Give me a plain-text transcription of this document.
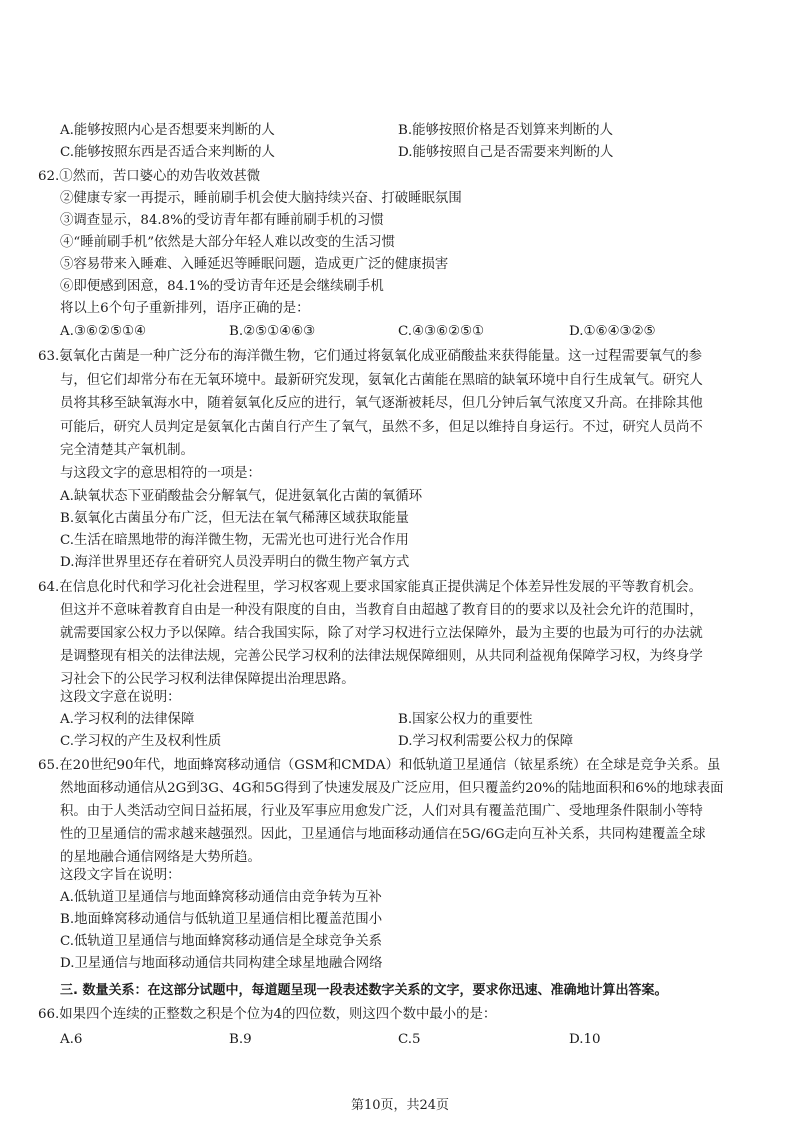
A.能够按照内心是否想要来判断的人	B.能够按照价格是否划算来判断的人
C.能够按照东西是否适合来判断的人	D.能够按照自己是否需要来判断的人
62.①然而，苦口婆心的劝告收效甚微
②健康专家一再提示，睡前刷手机会使大脑持续兴奋、打破睡眠氛围
③调查显示，84.8%的受访青年都有睡前刷手机的习惯
④“睡前刷手机”依然是大部分年轻人难以改变的生活习惯
⑤容易带来入睡难、入睡延迟等睡眠问题，造成更广泛的健康损害
⑥即便感到困意，84.1%的受访青年还是会继续刷手机
将以上6个句子重新排列，语序正确的是：
A.③⑥②⑤①④	B.②⑤①④⑥③	C.④③⑥②⑤①	D.①⑥④③②⑤
63.氨氧化古菌是一种广泛分布的海洋微生物，它们通过将氨氧化成亚硝酸盐来获得能量。这一过程需要氧气的参
与，但它们却常分布在无氧环境中。最新研究发现，氨氧化古菌能在黑暗的缺氧环境中自行生成氧气。研究人
员将其移至缺氧海水中，随着氨氧化反应的进行，氧气逐渐被耗尽，但几分钟后氧气浓度又升高。在排除其他
可能后，研究人员判定是氨氧化古菌自行产生了氧气，虽然不多，但足以维持自身运行。不过，研究人员尚不
完全清楚其产氧机制。
与这段文字的意思相符的一项是：
A.缺氧状态下亚硝酸盐会分解氧气，促进氨氧化古菌的氧循环
B.氨氧化古菌虽分布广泛，但无法在氧气稀薄区域获取能量
C.生活在暗黑地带的海洋微生物，无需光也可进行光合作用
D.海洋世界里还存在着研究人员没弄明白的微生物产氧方式
64.在信息化时代和学习化社会进程里，学习权客观上要求国家能真正提供满足个体差异性发展的平等教育机会。
但这并不意味着教育自由是一种没有限度的自由，当教育自由超越了教育目的的要求以及社会允许的范围时，
就需要国家公权力予以保障。结合我国实际，除了对学习权进行立法保障外，最为主要的也最为可行的办法就
是调整现有相关的法律法规，完善公民学习权利的法律法规保障细则，从共同利益视角保障学习权，为终身学
习社会下的公民学习权利法律保障提出治理思路。
这段文字意在说明：
A.学习权利的法律保障	B.国家公权力的重要性
C.学习权的产生及权利性质	D.学习权利需要公权力的保障
65.在20世纪90年代，地面蜂窝移动通信（GSM和CMDA）和低轨道卫星通信（铱星系统）在全球是竞争关系。虽
然地面移动通信从2G到3G、4G和5G得到了快速发展及广泛应用，但只覆盖约20%的陆地面积和6%的地球表面
积。由于人类活动空间日益拓展，行业及军事应用愈发广泛，人们对具有覆盖范围广、受地理条件限制小等特
性的卫星通信的需求越来越强烈。因此，卫星通信与地面移动通信在5G/6G走向互补关系，共同构建覆盖全球
的星地融合通信网络是大势所趋。
这段文字旨在说明：
A.低轨道卫星通信与地面蜂窝移动通信由竞争转为互补
B.地面蜂窝移动通信与低轨道卫星通信相比覆盖范围小
C.低轨道卫星通信与地面蜂窝移动通信是全球竞争关系
D.卫星通信与地面移动通信共同构建全球星地融合网络
三. 数量关系：在这部分试题中，每道题呈现一段表述数字关系的文字，要求你迅速、准确地计算出答案。
66.如果四个连续的正整数之积是个位为4的四位数，则这四个数中最小的是：
A.6	B.9	C.5	D.10
第10页，共24页
